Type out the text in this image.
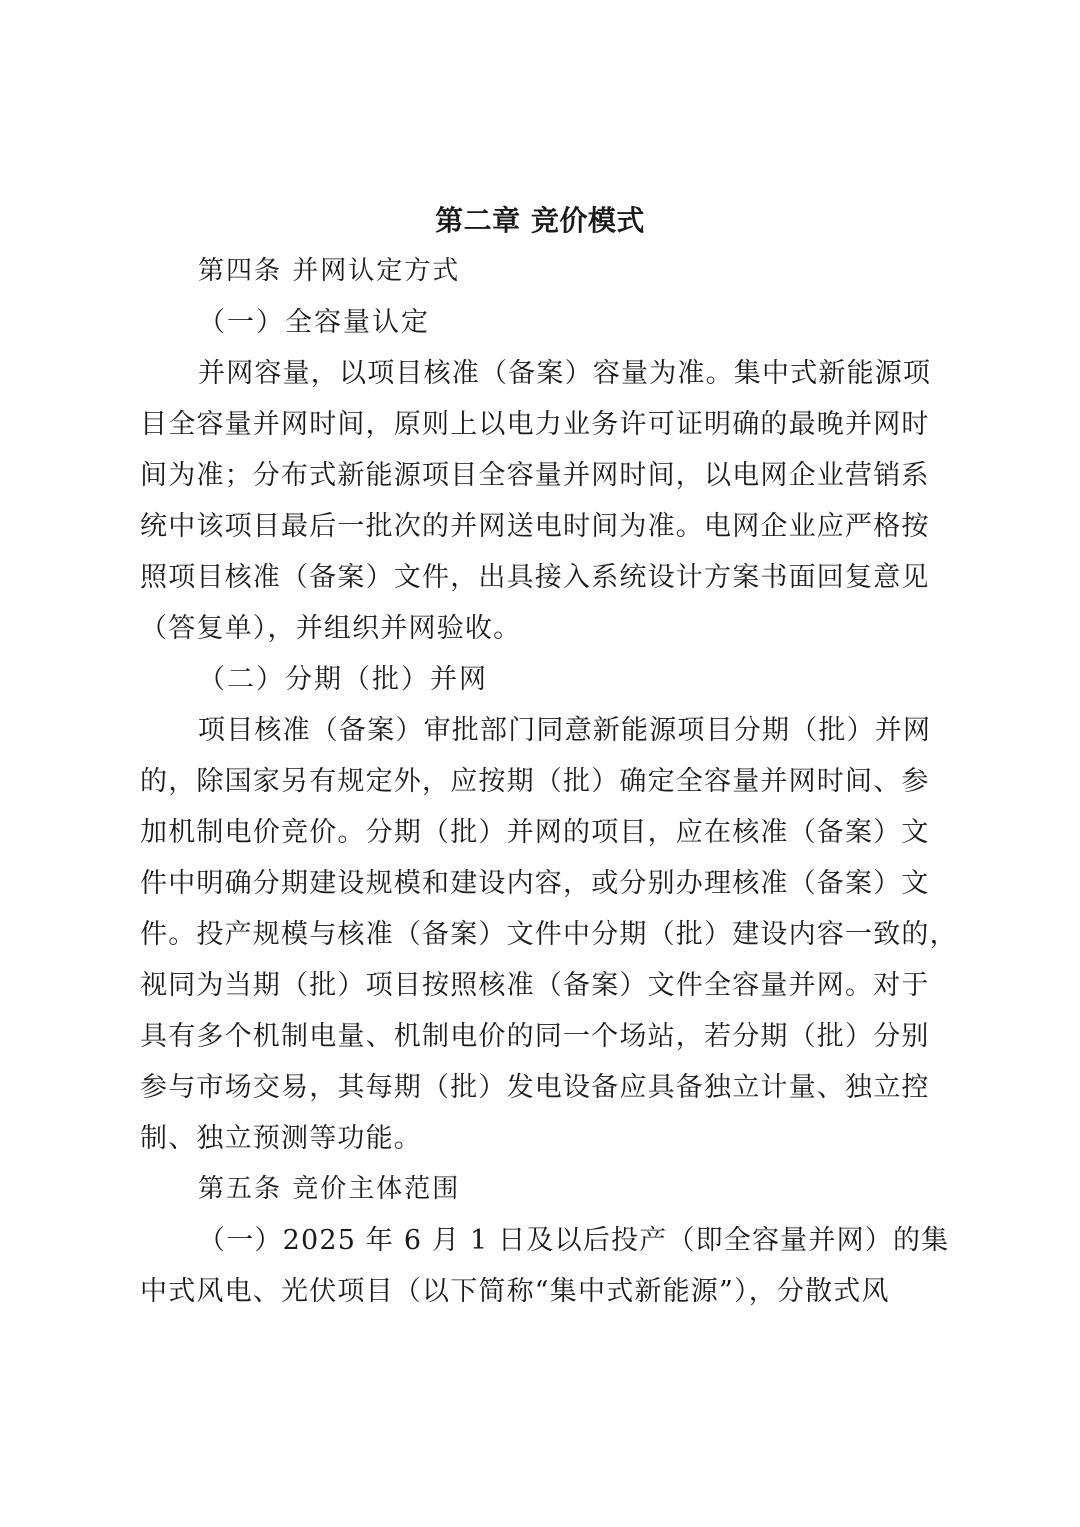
第二章 竞价模式

第四条 并网认定方式

（一）全容量认定

并网容量，以项目核准（备案）容量为准。集中式新能源项

目全容量并网时间，原则上以电力业务许可证明确的最晚并网时

间为准；分布式新能源项目全容量并网时间，以电网企业营销系

统中该项目最后一批次的并网送电时间为准。电网企业应严格按

照项目核准（备案）文件，出具接入系统设计方案书面回复意见

（答复单），并组织并网验收。

（二）分期（批）并网

项目核准（备案）审批部门同意新能源项目分期（批）并网

的，除国家另有规定外，应按期（批）确定全容量并网时间、参

加机制电价竞价。分期（批）并网的项目，应在核准（备案）文

件中明确分期建设规模和建设内容，或分别办理核准（备案）文

件。投产规模与核准（备案）文件中分期（批）建设内容一致的，

视同为当期（批）项目按照核准（备案）文件全容量并网。对于

具有多个机制电量、机制电价的同一个场站，若分期（批）分别

参与市场交易，其每期（批）发电设备应具备独立计量、独立控

制、独立预测等功能。

第五条 竞价主体范围

（一）2025 年 6 月 1 日及以后投产（即全容量并网）的集

中式风电、光伏项目（以下简称“集中式新能源”），分散式风
